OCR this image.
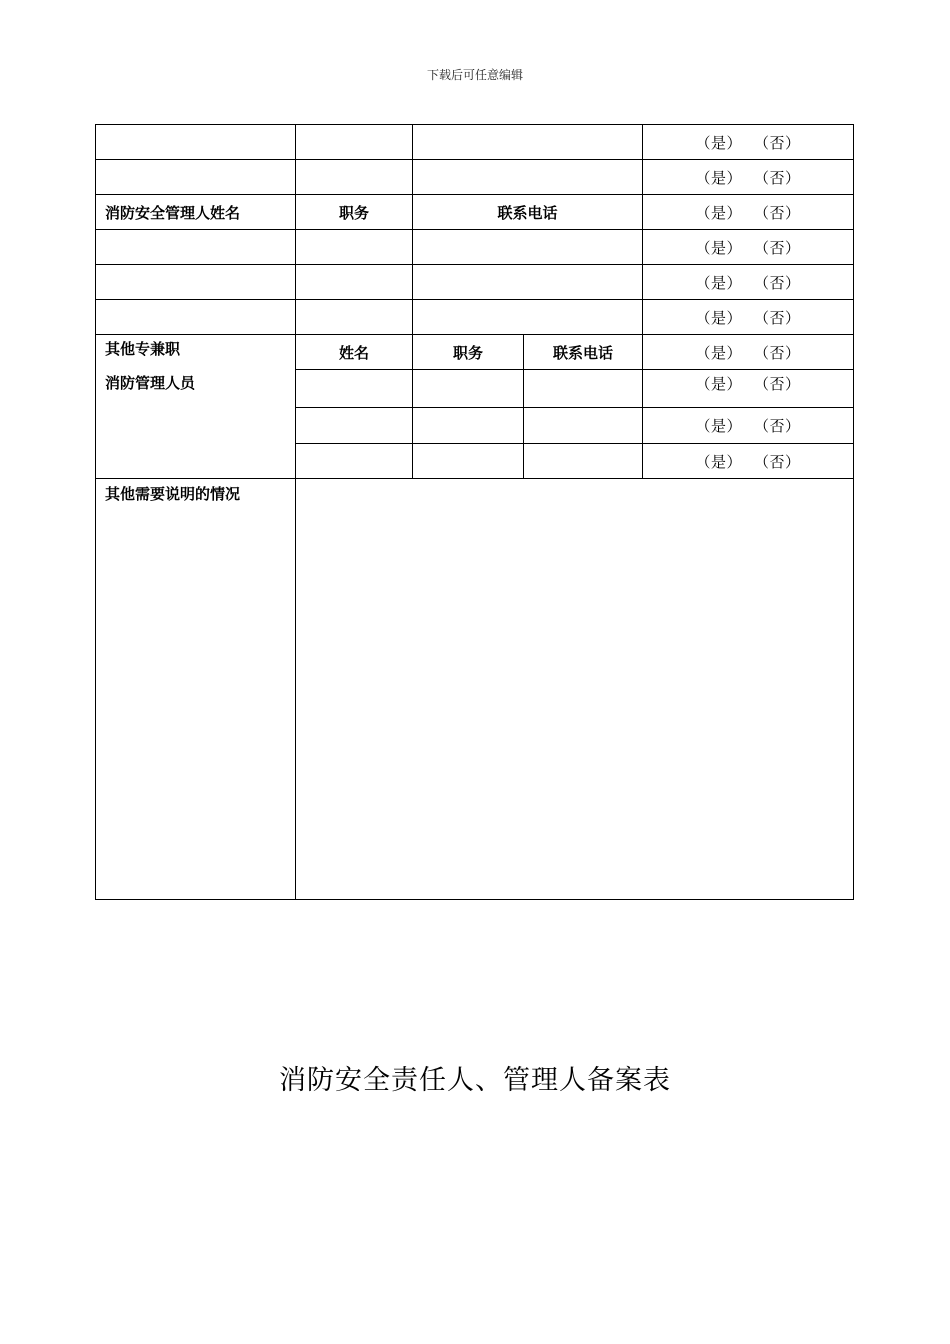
下载后可任意编辑
				（是） （否）
				（是） （否）
消防安全管理人姓名	职务	联系电话		（是） （否）
				（是） （否）
				（是） （否）
				（是） （否）

其他专兼职
消防管理人员	姓名	职务	联系电话	（是） （否）
				（是） （否）
				（是） （否）
				（是） （否）
其他需要说明的情况				
消防安全责任人、管理人备案表
